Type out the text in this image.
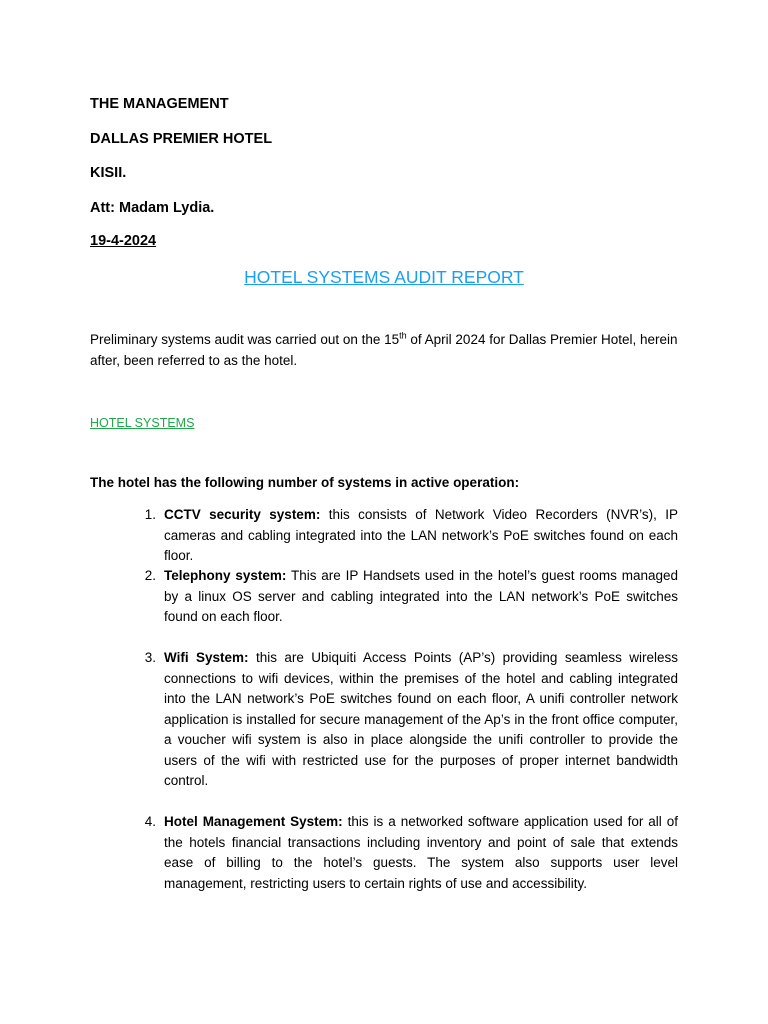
THE MANAGEMENT
DALLAS PREMIER HOTEL
KISII.
Att: Madam Lydia.
19-4-2024
HOTEL SYSTEMS AUDIT REPORT

Preliminary systems audit was carried out on the 15th of April 2024 for Dallas Premier Hotel, herein after, been referred to as the hotel.

HOTEL SYSTEMS
The hotel has the following number of systems in active operation:
1. CCTV security system: this consists of Network Video Recorders (NVR’s), IP cameras and cabling integrated into the LAN network’s PoE switches found on each floor.
2. Telephony system: This are IP Handsets used in the hotel’s guest rooms managed by a linux OS server and cabling integrated into the LAN network’s PoE switches found on each floor.
3. Wifi System: this are Ubiquiti Access Points (AP’s) providing seamless wireless connections to wifi devices, within the premises of the hotel and cabling integrated into the LAN network’s PoE switches found on each floor, A unifi controller network application is installed for secure management of the Ap’s in the front office computer, a voucher wifi system is also in place alongside the unifi controller to provide the users of the wifi with restricted use for the purposes of proper internet bandwidth control.
4. Hotel Management System: this is a networked software application used for all of the hotels financial transactions including inventory and point of sale that extends ease of billing to the hotel’s guests. The system also supports user level management, restricting users to certain rights of use and accessibility.
